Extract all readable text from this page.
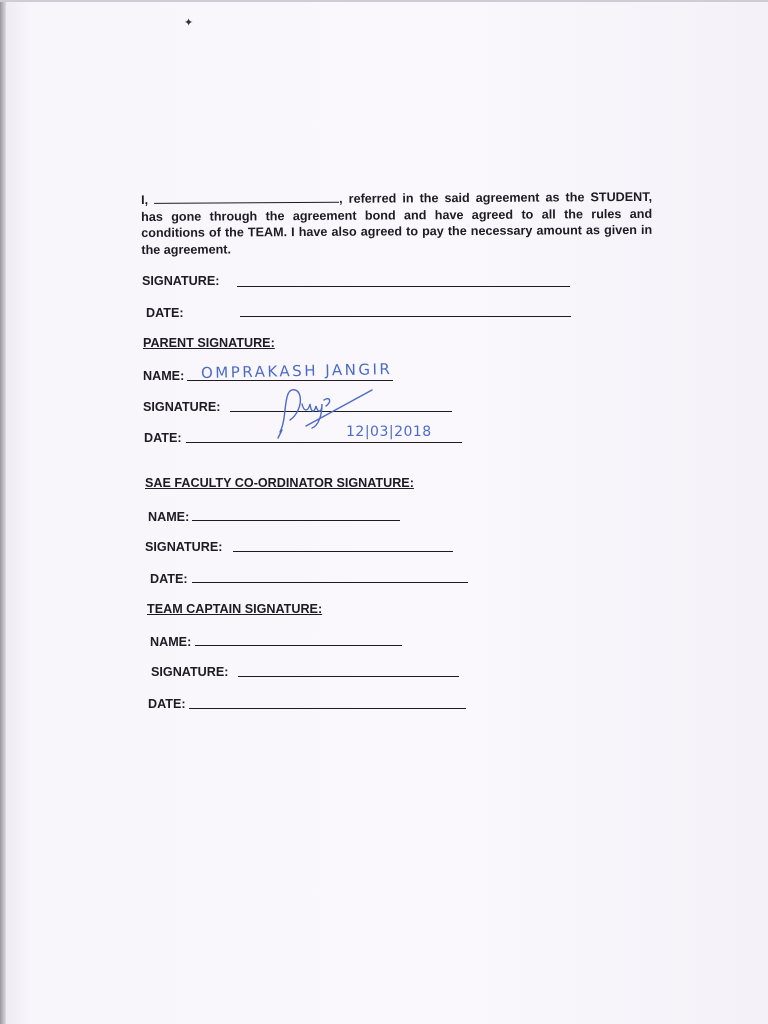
✦
I,	, referred in the said agreement as the STUDENT, has gone through the agreement bond and have agreed to all the rules and conditions of the TEAM. I have also agreed to pay the necessary amount as given in the agreement.
SIGNATURE:
DATE:
PARENT SIGNATURE:
NAME: OMPRAKASH JANGIR
SIGNATURE:
DATE:	12|03|2018
SAE FACULTY CO-ORDINATOR SIGNATURE:
NAME:
SIGNATURE:
DATE:
TEAM CAPTAIN SIGNATURE:
NAME:
SIGNATURE:
DATE:
